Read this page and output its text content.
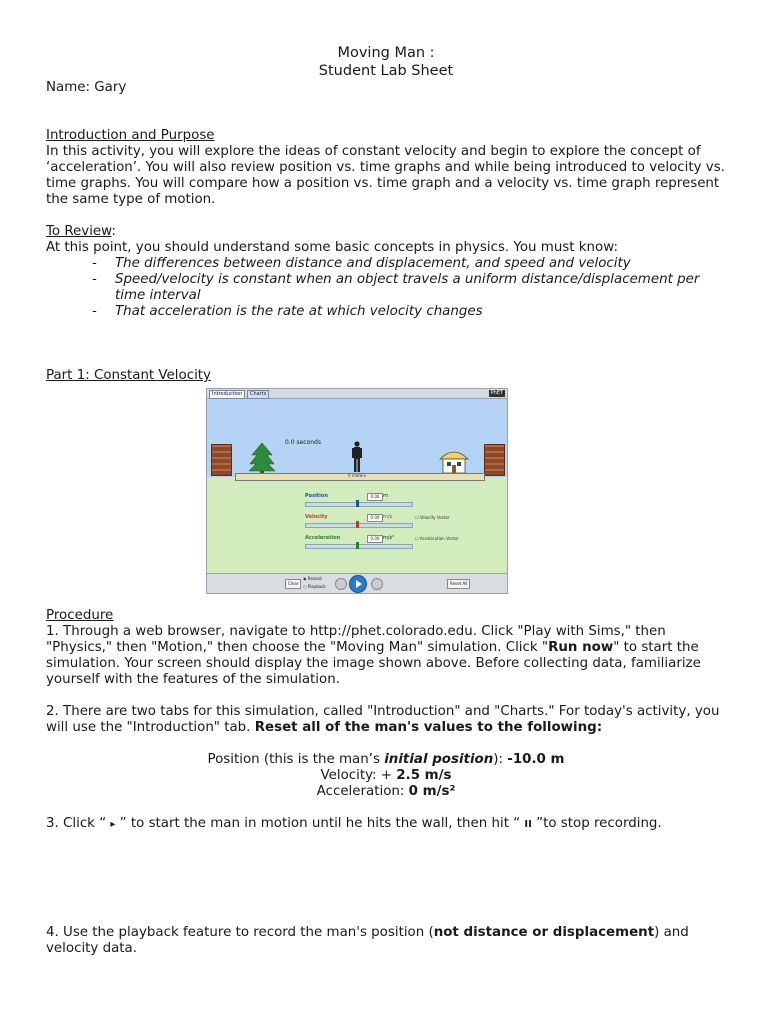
Moving Man :

Student Lab Sheet

Name: Gary

Introduction and Purpose

In this activity, you will explore the ideas of constant velocity and begin to explore the concept of ‘acceleration’. You will also review position vs. time graphs and while being introduced to velocity vs. time graphs. You will compare how a position vs. time graph and a velocity vs. time graph represent the same type of motion.

To Review:

At this point, you should understand some basic concepts in physics. You must know:

- The differences between distance and displacement, and speed and velocity
- Speed/velocity is constant when an object travels a uniform distance/displacement per time interval
- That acceleration is the rate at which velocity changes

Part 1: Constant Velocity

Introduction	Charts	PhET
0.0 seconds
0 meters
Position	0.00 m
Velocity	0.00 m/s	☐ Velocity Vector
Acceleration	0.00 m/s²	☐ Acceleration Vector
Clear
◉ Record
○ Playback
Reset All

Procedure

1. Through a web browser, navigate to http://phet.colorado.edu. Click "Play with Sims," then "Physics," then "Motion," then choose the "Moving Man" simulation. Click "Run now" to start the simulation. Your screen should display the image shown above. Before collecting data, familiarize yourself with the features of the simulation.

2. There are two tabs for this simulation, called "Introduction" and "Charts." For today's activity, you will use the "Introduction" tab. Reset all of the man's values to the following:

Position (this is the man’s initial position): -10.0 m

Velocity: + 2.5 m/s

Acceleration: 0 m/s²

3. Click “ ▸ ” to start the man in motion until he hits the wall, then hit “ II ”to stop recording.

4. Use the playback feature to record the man's position (not distance or displacement) and velocity data.
